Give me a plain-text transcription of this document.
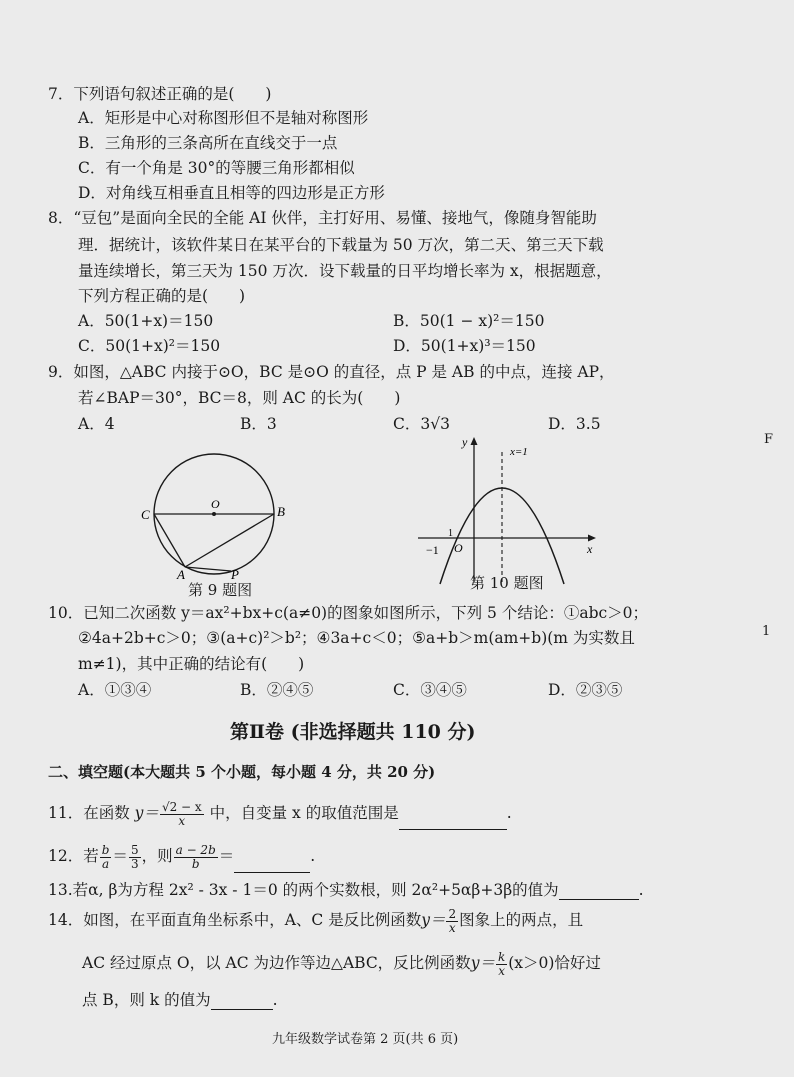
7．下列语句叙述正确的是(　　)
A．矩形是中心对称图形但不是轴对称图形
B．三角形的三条高所在直线交于一点
C．有一个角是 30°的等腰三角形都相似
D．对角线互相垂直且相等的四边形是正方形
8．“豆包”是面向全民的全能 AI 伙伴，主打好用、易懂、接地气，像随身智能助
理．据统计，该软件某日在某平台的下载量为 50 万次，第二天、第三天下载
量连续增长，第三天为 150 万次．设下载量的日平均增长率为 x，根据题意，
下列方程正确的是(　　)
A．50(1+x)＝150	B．50(1 − x)²＝150
C．50(1+x)²＝150	D．50(1+x)³＝150
9．如图，△ABC 内接于⊙O，BC 是⊙O 的直径，点 P 是 AB 的中点，连接 AP，
若∠BAP＝30°，BC＝8，则 AC 的长为(　　)
A．4	B．3	C．3√3	D．3.5
F
1
C
O	B
A	P
第 9 题图
y
x
x=1
O
−1
1
第 10 题图
10．已知二次函数 y＝ax²+bx+c(a≠0)的图象如图所示，下列 5 个结论：①abc＞0；
②4a+2b+c＞0；③(a+c)²＞b²；④3a+c＜0；⑤a+b＞m(am+b)(m 为实数且
m≠1)，其中正确的结论有(　　)
A．①③④	B．②④⑤	C．③④⑤	D．②③⑤
第Ⅱ卷 (非选择题共 110 分)
二、填空题(本大题共 5 个小题，每小题 4 分，共 20 分)
11．在函数 $y= \frac{√2 - x}{x}$ 中，自变量 x 的取值范围是	.
12．若 $\frac{b}{a} = \frac{5}{3}$ ，则 $\frac{a - 2b}{b}$ ＝	.
13.若α, β为方程 2x² - 3x - 1＝0 的两个实数根，则 2α²+5αβ+3β的值为	.
14．如图，在平面直角坐标系中，A、C 是反比例函数$y= \frac{2}{x}$ 图象上的两点，且
AC 经过原点 O，以 AC 为边作等边△ABC，反比例函数$y= \frac{k}{x} (x>0)$恰好过
点 B，则 k 的值为	.
九年级数学试卷第 2 页(共 6 页)
